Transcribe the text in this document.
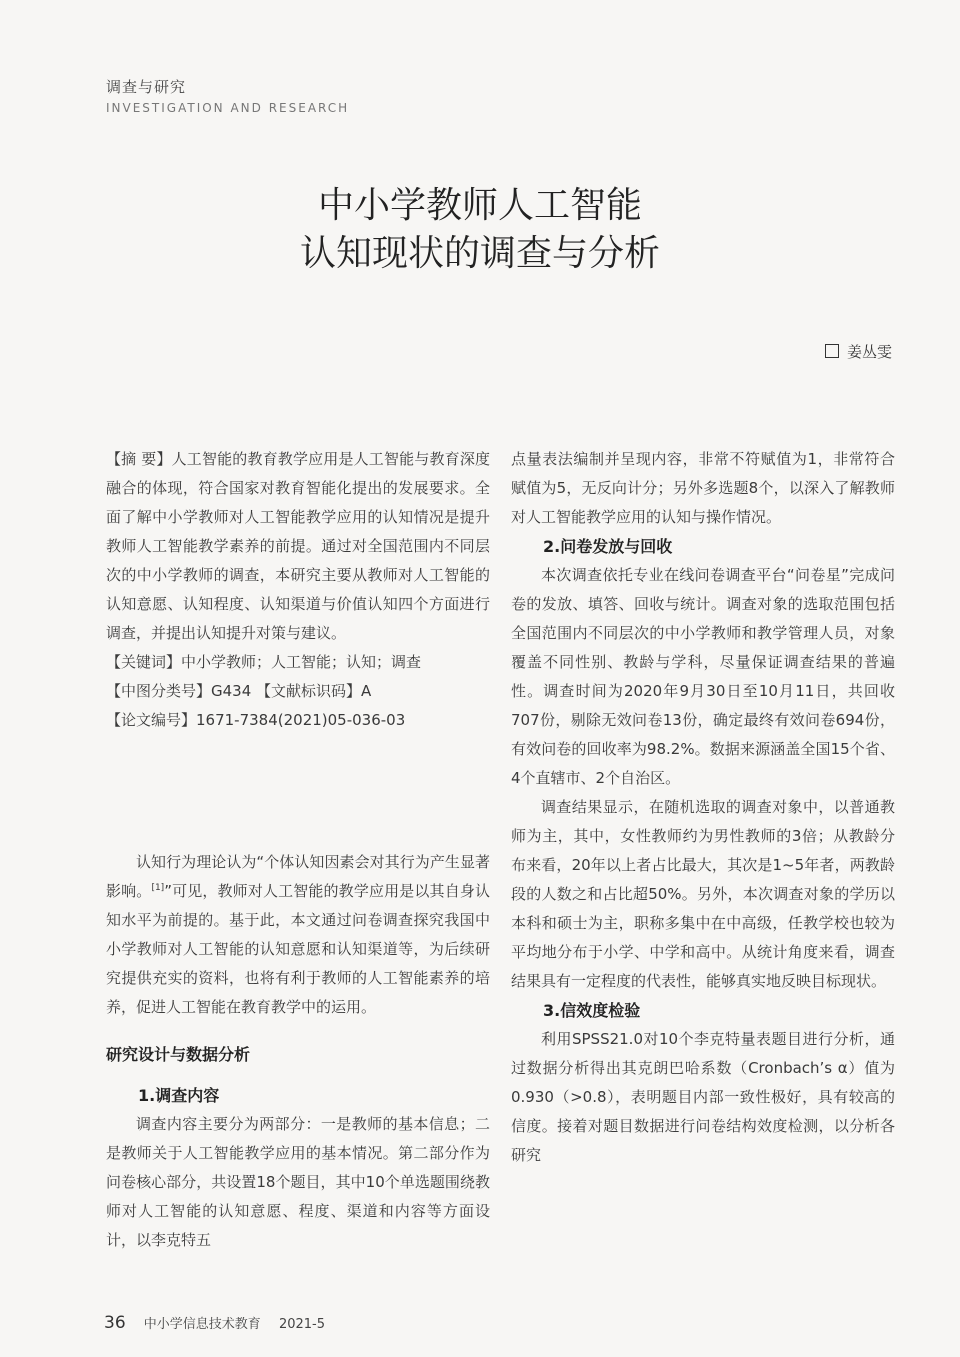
调查与研究
INVESTIGATION AND RESEARCH
中小学教师人工智能
认知现状的调查与分析
姜丛雯

【摘 要】人工智能的教育教学应用是人工智能与教育深度融合的体现，符合国家对教育智能化提出的发展要求。全面了解中小学教师对人工智能教学应用的认知情况是提升教师人工智能教学素养的前提。通过对全国范围内不同层次的中小学教师的调查，本研究主要从教师对人工智能的认知意愿、认知程度、认知渠道与价值认知四个方面进行调查，并提出认知提升对策与建议。

【关键词】中小学教师；人工智能；认知；调查

【中图分类号】G434 【文献标识码】A

【论文编号】1671-7384(2021)05-036-03

认知行为理论认为“个体认知因素会对其行为产生显著影响。[1]”可见，教师对人工智能的教学应用是以其自身认知水平为前提的。基于此，本文通过问卷调查探究我国中小学教师对人工智能的认知意愿和认知渠道等，为后续研究提供充实的资料，也将有利于教师的人工智能素养的培养，促进人工智能在教育教学中的运用。

研究设计与数据分析
1.调查内容

调查内容主要分为两部分：一是教师的基本信息；二是教师关于人工智能教学应用的基本情况。第二部分作为问卷核心部分，共设置18个题目，其中10个单选题围绕教师对人工智能的认知意愿、程度、渠道和内容等方面设计，以李克特五

点量表法编制并呈现内容，非常不符赋值为1，非常符合赋值为5，无反向计分；另外多选题8个，以深入了解教师对人工智能教学应用的认知与操作情况。

2.问卷发放与回收

本次调查依托专业在线问卷调查平台“问卷星”完成问卷的发放、填答、回收与统计。调查对象的选取范围包括全国范围内不同层次的中小学教师和教学管理人员，对象覆盖不同性别、教龄与学科，尽量保证调查结果的普遍性。调查时间为2020年9月30日至10月11日，共回收707份，剔除无效问卷13份，确定最终有效问卷694份，有效问卷的回收率为98.2%。数据来源涵盖全国15个省、4个直辖市、2个自治区。

调查结果显示，在随机选取的调查对象中，以普通教师为主，其中，女性教师约为男性教师的3倍；从教龄分布来看，20年以上者占比最大，其次是1~5年者，两教龄段的人数之和占比超50%。另外，本次调查对象的学历以本科和硕士为主，职称多集中在中高级，任教学校也较为平均地分布于小学、中学和高中。从统计角度来看，调查结果具有一定程度的代表性，能够真实地反映目标现状。

3.信效度检验

利用SPSS21.0对10个李克特量表题目进行分析，通过数据分析得出其克朗巴哈系数（Cronbach’s α）值为0.930（>0.8），表明题目内部一致性极好，具有较高的信度。接着对题目数据进行问卷结构效度检测，以分析各研究

36 中小学信息技术教育 2021-5
